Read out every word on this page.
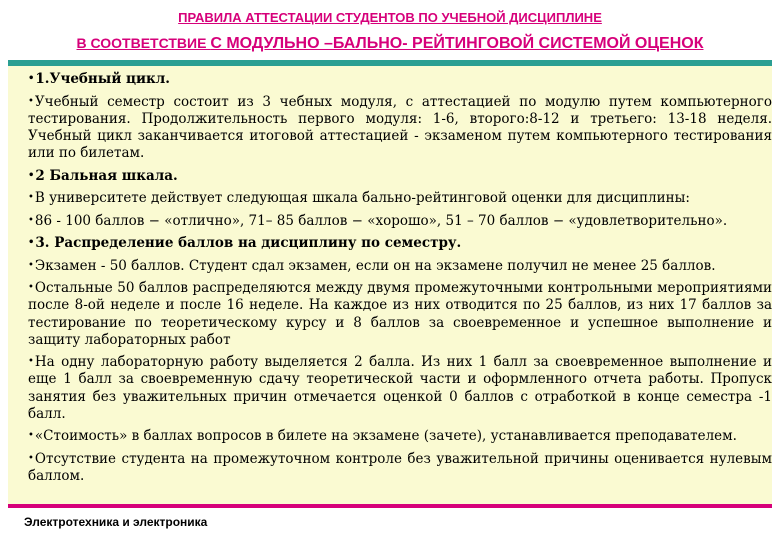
ПРАВИЛА АТТЕСТАЦИИ СТУДЕНТОВ ПО УЧЕБНОЙ ДИСЦИПЛИНЕ
В СООТВЕТСТВИЕ С МОДУЛЬНО –БАЛЬНО- РЕЙТИНГОВОЙ СИСТЕМОЙ ОЦЕНОК
•1.Учебный цикл.
•Учебный семестр состоит из 3 чебных модуля, с аттестацией по модулю путем компьютерного тестирования. Продолжительность первого модуля: 1-6, второго:8-12 и третьего: 13-18 неделя. Учебный цикл заканчивается итоговой аттестацией - экзаменом путем компьютерного тестирования или по билетам.
•2 Бальная шкала.
•В университете действует следующая шкала бально-рейтинговой оценки для дисциплины:
•86 - 100 баллов − «отлично», 71– 85 баллов − «хорошо», 51 – 70 баллов − «удовлетворительно».
•3. Распределение баллов на дисциплину по семестру.
•Экзамен - 50 баллов. Студент сдал экзамен, если он на экзамене получил не менее 25 баллов.
•Остальные 50 баллов распределяются между двумя промежуточными контрольными мероприятиями после 8-ой неделе и после 16 неделе. На каждое из них отводится по 25 баллов, из них 17 баллов за тестирование по теоретическому курсу и 8 баллов за своевременное и успешное выполнение и защиту лабораторных работ
•На одну лабораторную работу выделяется 2 балла. Из них 1 балл за своевременное выполнение и еще 1 балл за своевременную сдачу теоретической части и оформленного отчета работы. Пропуск занятия без уважительных причин отмечается оценкой 0 баллов с отработкой в конце семестра -1 балл.
•«Стоимость» в баллах вопросов в билете на экзамене (зачете), устанавливается преподавателем.
•Отсутствие студента на промежуточном контроле без уважительной причины оценивается нулевым баллом.
Электротехника и электроника
